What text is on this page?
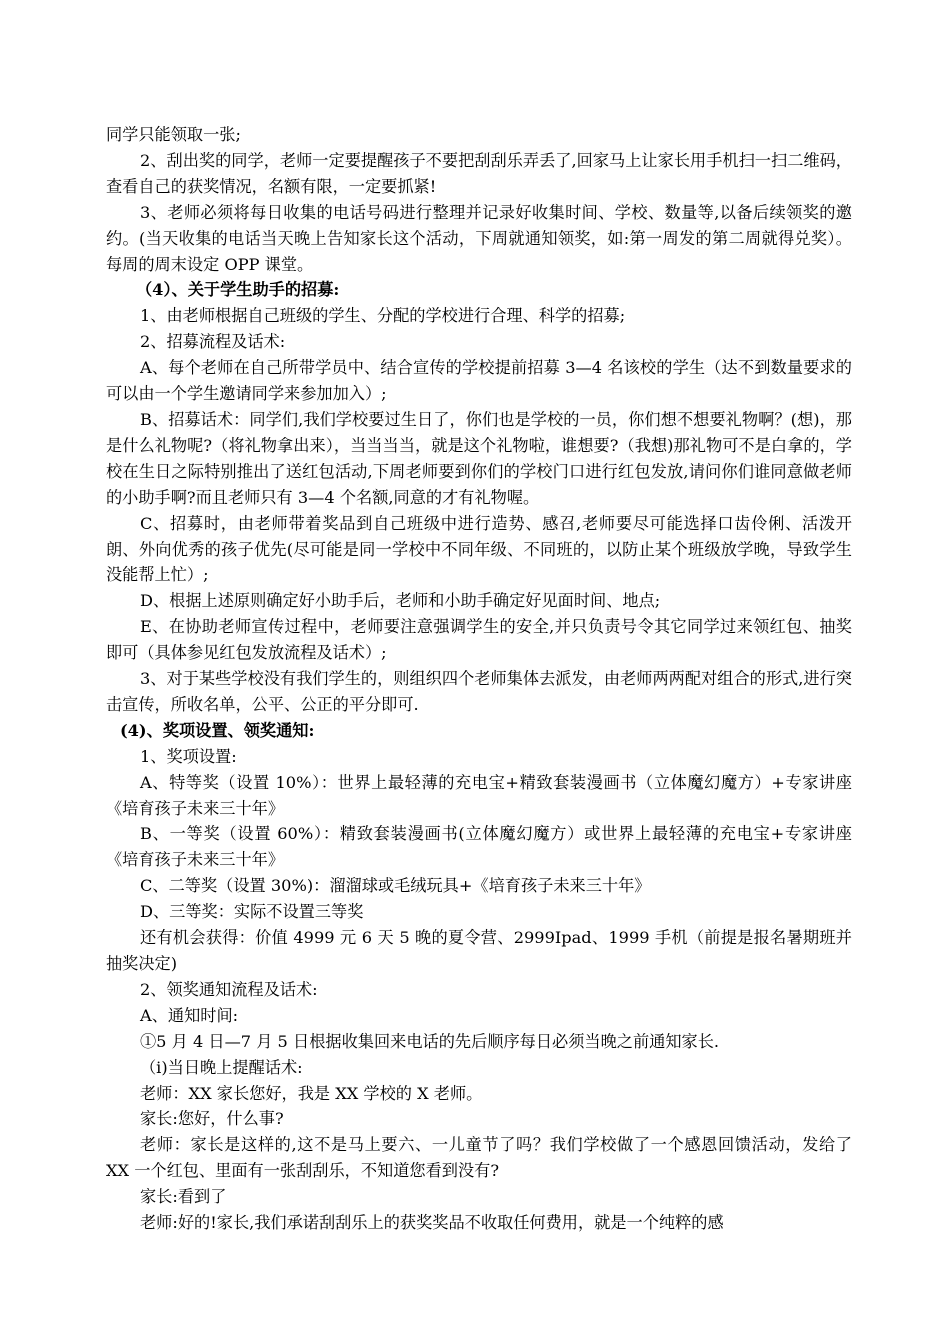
同学只能领取一张;

2、刮出奖的同学，老师一定要提醒孩子不要把刮刮乐弄丢了,回家马上让家长用手机扫一扫二维码，查看自己的获奖情况，名额有限，一定要抓紧!

3、老师必须将每日收集的电话号码进行整理并记录好收集时间、学校、数量等,以备后续领奖的邀约。(当天收集的电话当天晚上告知家长这个活动，下周就通知领奖，如:第一周发的第二周就得兑奖）。每周的周末设定 OPP 课堂。

（4）、关于学生助手的招募:

1、由老师根据自己班级的学生、分配的学校进行合理、科学的招募;

2、招募流程及话术:

A、每个老师在自己所带学员中、结合宣传的学校提前招募 3—4 名该校的学生（达不到数量要求的可以由一个学生邀请同学来参加加入）;

B、招募话术：同学们,我们学校要过生日了，你们也是学校的一员，你们想不想要礼物啊？(想)，那是什么礼物呢?（将礼物拿出来），当当当当，就是这个礼物啦，谁想要?（我想)那礼物可不是白拿的，学校在生日之际特别推出了送红包活动,下周老师要到你们的学校门口进行红包发放,请问你们谁同意做老师的小助手啊?而且老师只有 3—4 个名额,同意的才有礼物喔。

C、招募时，由老师带着奖品到自己班级中进行造势、感召,老师要尽可能选择口齿伶俐、活泼开朗、外向优秀的孩子优先(尽可能是同一学校中不同年级、不同班的，以防止某个班级放学晚，导致学生没能帮上忙）;

D、根据上述原则确定好小助手后，老师和小助手确定好见面时间、地点;

E、在协助老师宣传过程中，老师要注意强调学生的安全,并只负责号令其它同学过来领红包、抽奖即可（具体参见红包发放流程及话术）;

3、对于某些学校没有我们学生的，则组织四个老师集体去派发，由老师两两配对组合的形式,进行突击宣传，所收名单，公平、公正的平分即可.

(4)、奖项设置、领奖通知:

1、奖项设置:

A、特等奖（设置 10%）：世界上最轻薄的充电宝+精致套装漫画书（立体魔幻魔方）+专家讲座《培育孩子未来三十年》

B、一等奖（设置 60%）：精致套装漫画书(立体魔幻魔方）或世界上最轻薄的充电宝+专家讲座《培育孩子未来三十年》

C、二等奖（设置 30%)：溜溜球或毛绒玩具+《培育孩子未来三十年》

D、三等奖：实际不设置三等奖

还有机会获得：价值 4999 元 6 天 5 晚的夏令营、2999Ipad、1999 手机（前提是报名暑期班并抽奖决定)

2、领奖通知流程及话术:

A、通知时间:

①5 月 4 日—7 月 5 日根据收集回来电话的先后顺序每日必须当晚之前通知家长.

（i)当日晚上提醒话术:

老师：XX 家长您好，我是 XX 学校的 X 老师。

家长:您好，什么事?

老师：家长是这样的,这不是马上要六、一儿童节了吗？我们学校做了一个感恩回馈活动，发给了 XX 一个红包、里面有一张刮刮乐，不知道您看到没有?

家长:看到了

老师:好的!家长,我们承诺刮刮乐上的获奖奖品不收取任何费用，就是一个纯粹的感
